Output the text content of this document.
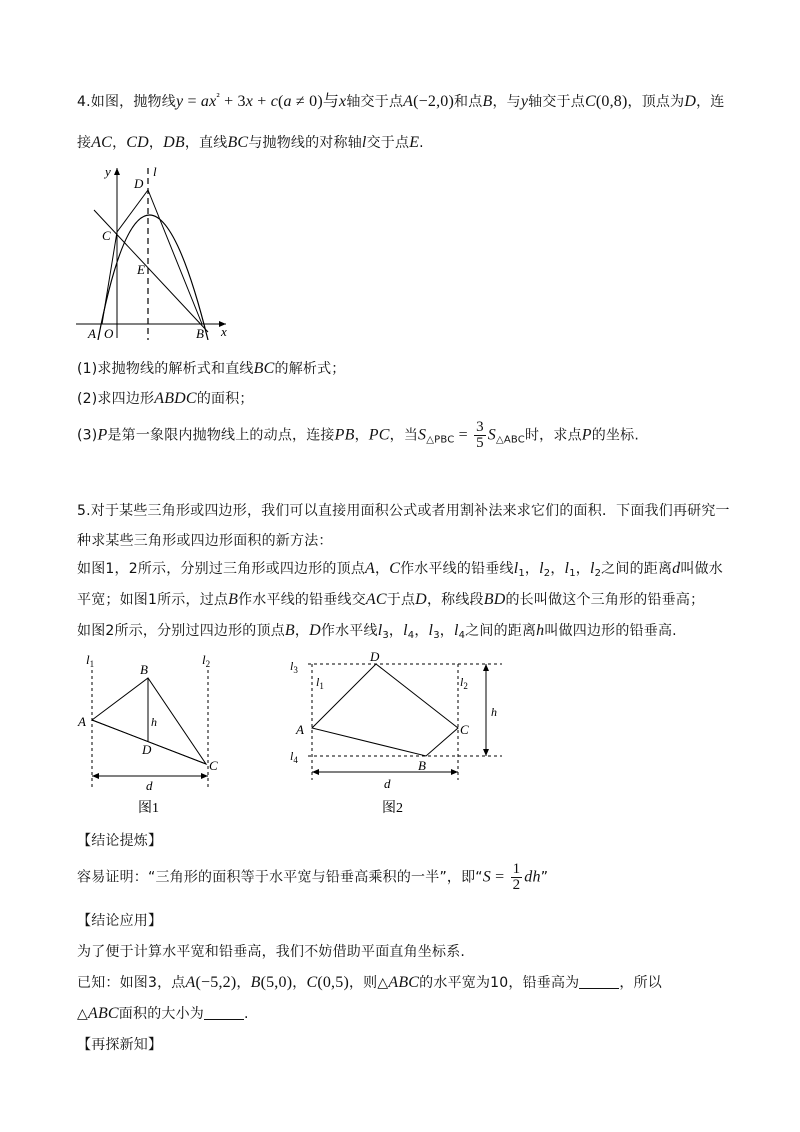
4.如图，抛物线$y = ax^{^2} + 3x + c(a \ne 0)$与x轴交于点A(−2,0)和点B，与y轴交于点C(0,8)，顶点为D，连
接AC，CD，DB，直线BC与抛物线的对称轴l交于点E.
y	l
D
C
E
A O	B x
(1)求抛物线的解析式和直线BC的解析式；
(2)求四边形ABDC的面积；
(3)P是第一象限内抛物线上的动点，连接PB，PC，当$S_{\triangle PBC} = \frac{3}{5} S_{\triangle ABC}$时，求点P的坐标.
5.对于某些三角形或四边形，我们可以直接用面积公式或者用割补法来求它们的面积．下面我们再研究一
种求某些三角形或四边形面积的新方法：
如图1，2所示，分别过三角形或四边形的顶点A，C作水平线的铅垂线$l_1$，$l_2$，$l_1$，$l_2$之间的距离d叫做水
平宽；如图1所示，过点B作水平线的铅垂线交AC于点D，称线段BD的长叫做这个三角形的铅垂高；
如图2所示，分别过四边形的顶点B，D作水平线$l_3$，$l_4$，$l_3$，$l_4$之间的距离h叫做四边形的铅垂高.
$l_1$	$l_2$
B
A	h
D
C
d
图1
$l_3$
$l_4$
$l_1$	$l_2$
D
A	C
B
h
d
图2
【结论提炼】
容易证明：“三角形的面积等于水平宽与铅垂高乘积的一半”，即“$S = \frac{1}{2}$ dh”
【结论应用】
为了便于计算水平宽和铅垂高，我们不妨借助平面直角坐标系.
已知：如图3，点A(−5,2)，B(5,0)，C(0,5)，则△ABC的水平宽为10，铅垂高为	，所以
△ABC面积的大小为	.
【再探新知】
